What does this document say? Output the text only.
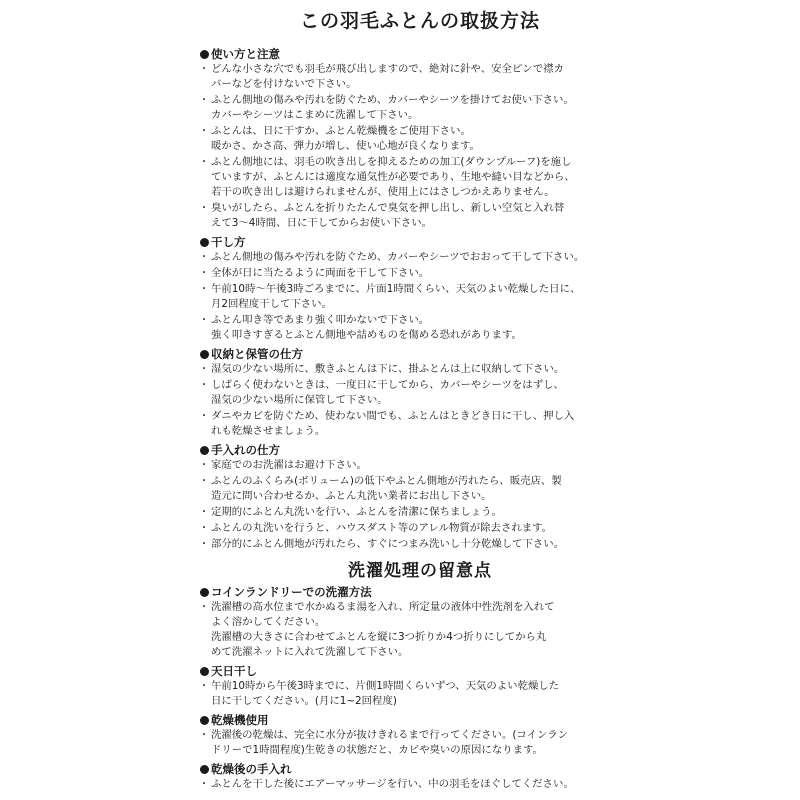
この羽毛ふとんの取扱方法
使い方と注意
・ どんな小さな穴でも羽毛が飛び出しますので、絶対に針や、安全ピンで襟カ
バーなどを付けないで下さい。
・ ふとん側地の傷みや汚れを防ぐため、カバーやシーツを掛けてお使い下さい。
カバーやシーツはこまめに洗濯して下さい。
・ ふとんは、日に干すか、ふとん乾燥機をご使用下さい。
暖かさ、かさ高、弾力が増し、使い心地が良くなります。
・ ふとん側地には、羽毛の吹き出しを抑えるための加工(ダウンプルーフ)を施し
ていますが、ふとんには適度な通気性が必要であり、生地や縫い目などから、
若干の吹き出しは避けられませんが、使用上にはさしつかえありません。
・ 臭いがしたら、ふとんを折りたたんで臭気を押し出し、新しい空気と入れ替
えて3～4時間、日に干してからお使い下さい。
干し方
・ ふとん側地の傷みや汚れを防ぐため、カバーやシーツでおおって干して下さい。
・ 全体が日に当たるように両面を干して下さい。
・ 午前10時～午後3時ごろまでに、片面1時間くらい、天気のよい乾燥した日に、
月2回程度干して下さい。
・ ふとん叩き等であまり強く叩かないで下さい。
強く叩きすぎるとふとん側地や詰めものを傷める恐れがあります。
収納と保管の仕方
・ 湿気の少ない場所に、敷きふとんは下に、掛ふとんは上に収納して下さい。
・ しばらく使わないときは、一度日に干してから、カバーやシーツをはずし、
湿気の少ない場所に保管して下さい。
・ ダニやカビを防ぐため、使わない間でも、ふとんはときどき日に干し、押し入
れも乾燥させましょう。
手入れの仕方
・ 家庭でのお洗濯はお避け下さい。
・ ふとんのふくらみ(ボリューム)の低下やふとん側地が汚れたら、販売店、製
造元に問い合わせるか、ふとん丸洗い業者にお出し下さい。
・ 定期的にふとん丸洗いを行い、ふとんを清潔に保ちましょう。
・ ふとんの丸洗いを行うと、ハウスダスト等のアレル物質が除去されます。
・ 部分的にふとん側地が汚れたら、すぐにつまみ洗いし十分乾燥して下さい。
洗濯処理の留意点
コインランドリーでの洗濯方法
・ 洗濯槽の高水位まで水かぬるま湯を入れ、所定量の液体中性洗剤を入れて
よく溶かしてください。
洗濯槽の大きさに合わせてふとんを縦に3つ折りか4つ折りにしてから丸
めて洗濯ネットに入れて洗濯して下さい。
天日干し
・ 午前10時から午後3時までに、片側1時間くらいずつ、天気のよい乾燥した
日に干してください。(月に1~2回程度)
乾燥機使用
・ 洗濯後の乾燥は、完全に水分が抜けきれるまで行ってください。(コインラン
ドリーで1時間程度)生乾きの状態だと、カビや臭いの原因になります。
乾燥後の手入れ
・ ふとんを干した後にエアーマッサージを行い、中の羽毛をほぐしてください。
